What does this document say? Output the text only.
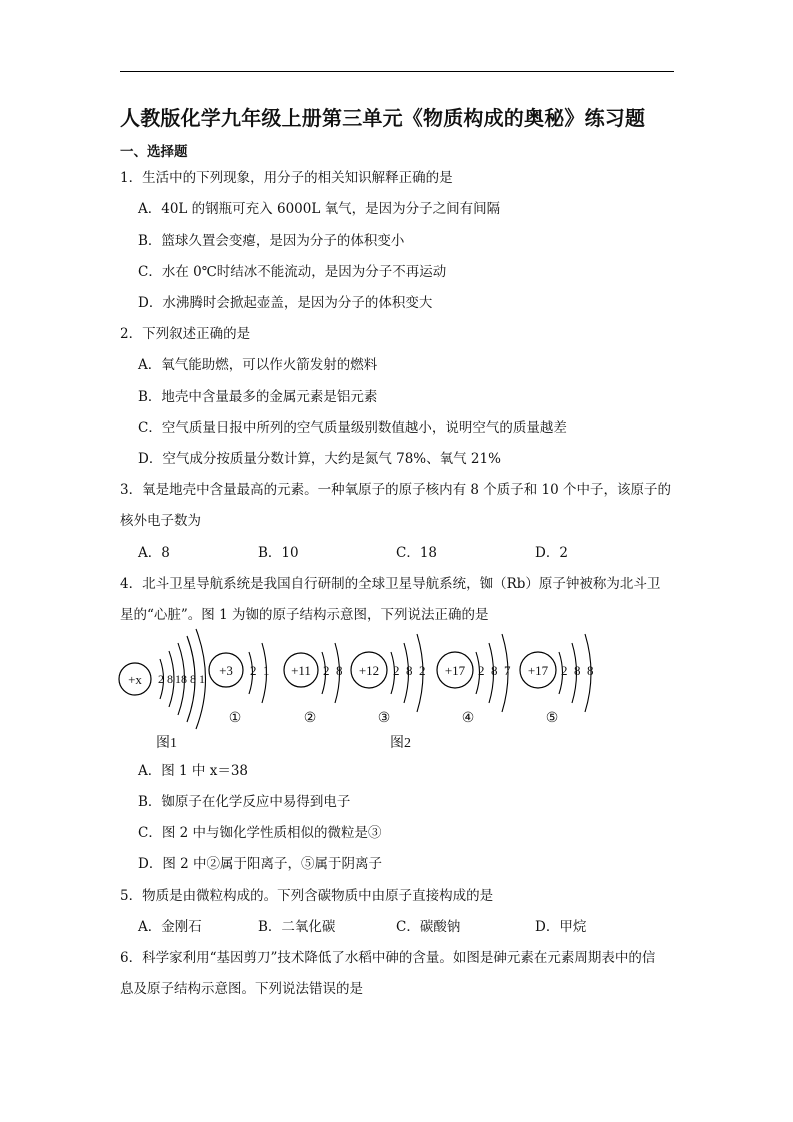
人教版化学九年级上册第三单元《物质构成的奥秘》练习题
一、选择题
1．生活中的下列现象，用分子的相关知识解释正确的是
A．40L 的钢瓶可充入 6000L 氧气，是因为分子之间有间隔
B．篮球久置会变瘪，是因为分子的体积变小
C．水在 0℃时结冰不能流动，是因为分子不再运动
D．水沸腾时会掀起壶盖，是因为分子的体积变大
2．下列叙述正确的是
A．氧气能助燃，可以作火箭发射的燃料
B．地壳中含量最多的金属元素是铝元素
C．空气质量日报中所列的空气质量级别数值越小，说明空气的质量越差
D．空气成分按质量分数计算，大约是氮气 78%、氧气 21%
3．氧是地壳中含量最高的元素。一种氧原子的原子核内有 8 个质子和 10 个中子，该原子的
核外电子数为
A．8	B．10	C．18	D．2
4．北斗卫星导航系统是我国自行研制的全球卫星导航系统，铷（Rb）原子钟被称为北斗卫
星的“心脏”。图 1 为铷的原子结构示意图，下列说法正确的是
+x 2 8 18 8 1
图1
+3 2 1
①
+11 2 8
②
+12 2 8 2
③
+17 2 8 7
④
+17 2 8 8
⑤
图2
A．图 1 中 x＝38
B．铷原子在化学反应中易得到电子
C．图 2 中与铷化学性质相似的微粒是③
D．图 2 中②属于阳离子，⑤属于阴离子
5．物质是由微粒构成的。下列含碳物质中由原子直接构成的是
A．金刚石	B．二氧化碳	C．碳酸钠	D．甲烷
6．科学家利用“基因剪刀”技术降低了水稻中砷的含量。如图是砷元素在元素周期表中的信
息及原子结构示意图。下列说法错误的是
